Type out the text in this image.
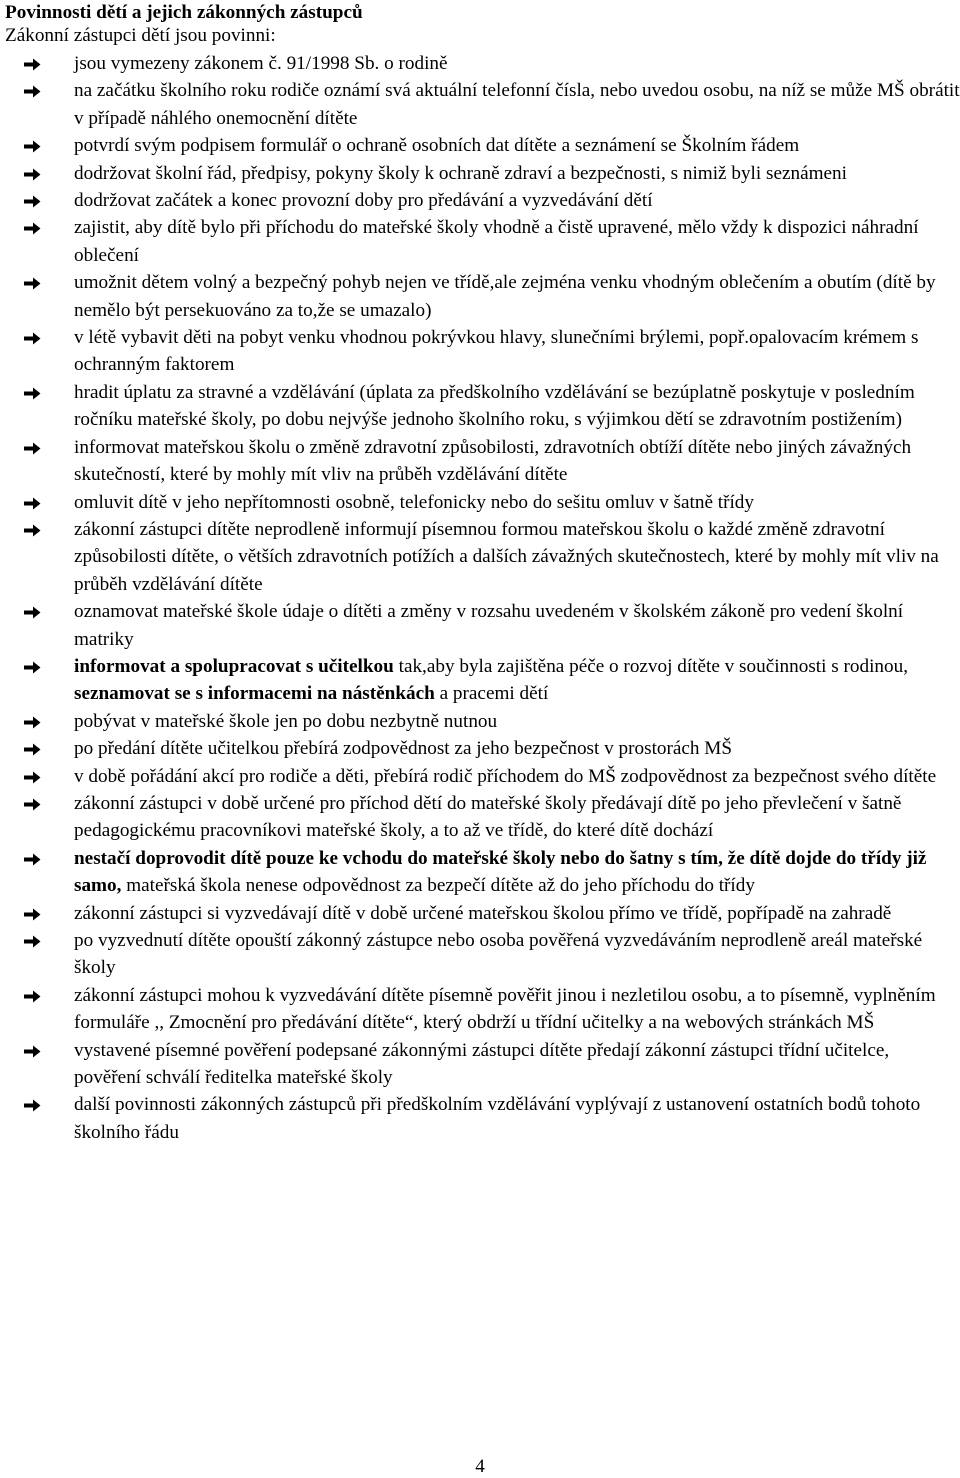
Povinnosti dětí a jejich zákonných zástupců
Zákonní zástupci dětí jsou povinni:
jsou vymezeny zákonem č. 91/1998 Sb. o rodině
na začátku školního roku rodiče oznámí svá aktuální telefonní čísla, nebo uvedou osobu, na níž se může MŠ obrátit v případě náhlého onemocnění dítěte
potvrdí svým podpisem formulář o ochraně osobních dat dítěte a seznámení se Školním řádem
dodržovat školní řád, předpisy, pokyny školy k ochraně zdraví a bezpečnosti, s nimiž byli seznámeni
dodržovat začátek a konec provozní doby pro předávání a vyzvedávání dětí
zajistit, aby dítě bylo při příchodu do mateřské školy vhodně a čistě upravené, mělo vždy k dispozici náhradní oblečení
umožnit dětem volný a bezpečný pohyb nejen ve třídě,ale zejména venku vhodným oblečením a obutím (dítě by nemělo být persekuováno za to,že se umazalo)
v létě vybavit děti na pobyt venku vhodnou pokrývkou hlavy, slunečními brýlemi, popř.opalovacím krémem s ochranným faktorem
hradit úplatu za stravné a vzdělávání (úplata za předškolního vzdělávání se bezúplatně poskytuje v posledním ročníku mateřské školy, po dobu nejvýše jednoho školního roku, s výjimkou dětí se zdravotním postižením)
informovat mateřskou školu o změně zdravotní způsobilosti, zdravotních obtíží dítěte nebo jiných závažných skutečností, které by mohly mít vliv na průběh vzdělávání dítěte
omluvit dítě v jeho nepřítomnosti osobně, telefonicky nebo do sešitu omluv v šatně třídy
zákonní zástupci dítěte neprodleně informují písemnou formou mateřskou školu o každé změně zdravotní způsobilosti dítěte, o větších zdravotních potížích a dalších závažných skutečnostech, které by mohly mít vliv na průběh vzdělávání dítěte
oznamovat mateřské škole údaje o dítěti a změny v rozsahu uvedeném v školském zákoně pro vedení školní matriky
informovat a spolupracovat s učitelkou tak,aby byla zajištěna péče o rozvoj dítěte v součinnosti s rodinou, seznamovat se s informacemi na nástěnkách a pracemi dětí
pobývat v mateřské škole jen po dobu nezbytně nutnou
po předání dítěte učitelkou přebírá zodpovědnost za jeho bezpečnost v prostorách MŠ
v době pořádání akcí pro rodiče a děti, přebírá rodič příchodem do MŠ zodpovědnost za bezpečnost svého dítěte
zákonní zástupci v době určené pro příchod dětí do mateřské školy předávají dítě po jeho převlečení v šatně pedagogickému pracovníkovi mateřské školy, a to až ve třídě, do které dítě dochází
nestačí doprovodit dítě pouze ke vchodu do mateřské školy nebo do šatny s tím, že dítě dojde do třídy již samo, mateřská škola nenese odpovědnost za bezpečí dítěte až do jeho příchodu do třídy
zákonní zástupci si vyzvedávají dítě v době určené mateřskou školou přímo ve třídě, popřípadě na zahradě
po vyzvednutí dítěte opouští zákonný zástupce nebo osoba pověřená vyzvedáváním neprodleně areál mateřské školy
zákonní zástupci mohou k vyzvedávání dítěte písemně pověřit jinou i nezletilou osobu, a to písemně, vyplněním formuláře ,, Zmocnění pro předávání dítěte“, který obdrží u třídní učitelky a na webových stránkách MŠ
vystavené písemné pověření podepsané zákonnými zástupci dítěte předají zákonní zástupci třídní učitelce, pověření schválí ředitelka mateřské školy
další povinnosti zákonných zástupců při předškolním vzdělávání vyplývají z ustanovení ostatních bodů tohoto školního řádu
4
